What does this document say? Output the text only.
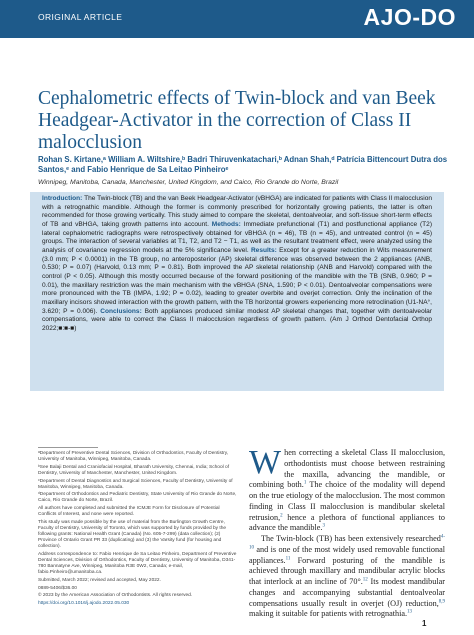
ORIGINAL ARTICLE	AJO-DO
Cephalometric effects of Twin-block and van Beek Headgear-Activator in the correction of Class II malocclusion
Rohan S. Kirtane,ᵃ William A. Wiltshire,ᵇ Badri Thiruvenkatachari,ᵇ Adnan Shah,ᵈ Patrícia Bittencourt Dutra dos Santos,ᵉ and Fabio Henrique de Sa Leitao Pinheiroᵉ
Winnipeg, Manitoba, Canada, Manchester, United Kingdom, and Caico, Rio Grande do Norte, Brazil
Introduction: The Twin-block (TB) and the van Beek Headgear-Activator (vBHGA) are indicated for patients with Class II malocclusion with a retrognathic mandible. Although the former is commonly prescribed for horizontally growing patients, the latter is often recommended for those growing vertically. This study aimed to compare the skeletal, dentoalveolar, and soft-tissue short-term effects of TB and vBHGA, taking growth patterns into account. Methods: Immediate prefunctional (T1) and postfunctional appliance (T2) lateral cephalometric radiographs were retrospectively obtained for vBHGA (n = 46), TB (n = 45), and untreated control (n = 45) groups. The interaction of several variables at T1, T2, and T2 − T1, as well as the resultant treatment effect, were analyzed using the analysis of covariance regression models at the 5% significance level. Results: Except for a greater reduction in Wits measurement (3.0 mm; P < 0.0001) in the TB group, no anteroposterior (AP) skeletal difference was observed between the 2 appliances (ANB, 0.530; P = 0.07) (Harvold, 0.13 mm; P = 0.81). Both improved the AP skeletal relationship (ANB and Harvold) compared with the control (P < 0.05). Although this mostly occurred because of the forward positioning of the mandible with the TB (SNB, 0.960; P = 0.01), the maxillary restriction was the main mechanism with the vBHGA (SNA, 1.590; P < 0.01). Dentoalveolar compensations were more pronounced with the TB (IMPA, 1.92; P = 0.02), leading to greater overbite and overjet correction. Only the inclination of the maxillary incisors showed interaction with the growth pattern, with the TB horizontal growers experiencing more retroclination (U1-NA°, 3.620; P = 0.006). Conclusions: Both appliances produced similar modest AP skeletal changes that, together with dentoalveolar compensations, were able to correct the Class II malocclusion regardless of growth pattern. (Am J Orthod Dentofacial Orthop 2022;■:■-■)

ᵃDepartment of Preventive Dental Sciences, Division of Orthodontics, Faculty of Dentistry, University of Manitoba, Winnipeg, Manitoba, Canada.

ᵇSee Balaji Dental and Craniofacial Hospital, Bharath University, Chennai, India; School of Dentistry, University of Manchester, Manchester, United Kingdom.

ᶜDepartment of Dental Diagnostics and Surgical Sciences, Faculty of Dentistry, University of Manitoba, Winnipeg, Manitoba, Canada.

ᵈDepartment of Orthodontics and Pediatric Dentistry, State University of Rio Grande do Norte, Caico, Rio Grande do Norte, Brazil.

All authors have completed and submitted the ICMJE Form for Disclosure of Potential Conflicts of Interest, and none were reported.

This study was made possible by the use of material from the Burlington Growth Centre, Faculty of Dentistry, University of Toronto, which was supported by funds provided by the following grants: National Health Grant (Canada) (No. 605-7-299) (data collection); (2) Province of Ontario Grant PR 33 (duplicating) and (3) the Varsity fund (for housing and collection).

Address correspondence to: Fabio Henrique de Sa Leitao Pinheiro, Department of Preventive Dental Sciences, Division of Orthodontics, Faculty of Dentistry, University of Manitoba, D341-780 Bannatyne Ave, Winnipeg, Manitoba R3E 0W2, Canada; e-mail, fabio.Pinheiro@umanitoba.ca.

Submitted, March 2022; revised and accepted, May 2022.

0889-5406/$36.00

© 2023 by the American Association of Orthodontists. All rights reserved.

https://doi.org/10.1016/j.ajodo.2022.05.030

When correcting a skeletal Class II malocclusion, orthodontists must choose between restraining the maxilla, advancing the mandible, or combining both.$^1$ The choice of the modality will depend on the true etiology of the malocclusion. The most common finding in Class II malocclusion is mandibular skeletal retrusion,$^2$ hence a plethora of functional appliances to advance the mandible.$^3$

The Twin-block (TB) has been extensively researched$^{4-10}$ and is one of the most widely used removable functional appliances.$^{11}$ Forward posturing of the mandible is achieved through maxillary and mandibular acrylic blocks that interlock at an incline of 70°.$^{12}$ Its modest mandibular changes and accompanying substantial dentoalveolar compensations usually result in overjet (OJ) reduction,$^{8,9}$ making it suitable for patients with retrognathia.$^{13}$

1
